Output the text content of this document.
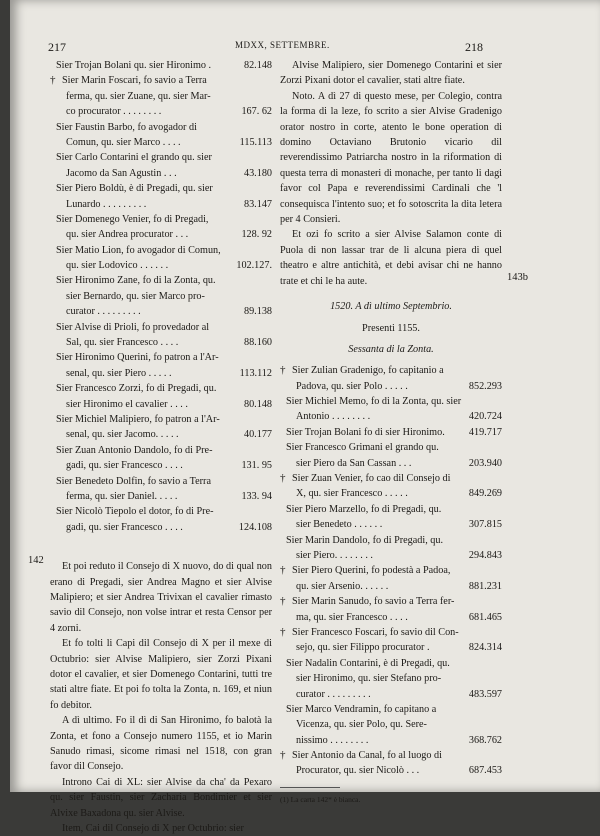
217	MDXX, SETTEMBRE.	218
142
143b
Sier Trojan Bolani qu. sier Hironimo .	82.148
† Sier Marin Foscari, fo savio a Terra
ferma, qu. sier Zuane, qu. sier Mar-
co procurator . . . . . . . .	167. 62
Sier Faustin Barbo, fo avogador di
Comun, qu. sier Marco . . . .	115.113
Sier Carlo Contarini el grando qu. sier
Jacomo da San Agustin . . .	43.180
Sier Piero Boldù, è di Pregadi, qu. sier
Lunardo . . . . . . . . .	83.147
Sier Domenego Venier, fo di Pregadi,
qu. sier Andrea procurator . . .	128. 92
Sier Matio Lion, fo avogador di Comun,
qu. sier Lodovico . . . . . .	102.127.
Sier Hironimo Zane, fo di la Zonta, qu.
sier Bernardo, qu. sier Marco pro-
curator . . . . . . . . .	89.138
Sier Alvise di Prioli, fo provedador al
Sal, qu. sier Francesco . . . .	88.160
Sier Hironimo Querini, fo patron a l'Ar-
senal, qu. sier Piero . . . . .	113.112
Sier Francesco Zorzi, fo di Pregadi, qu.
sier Hironimo el cavalier . . . .	80.148
Sier Michiel Malipiero, fo patron a l'Ar-
senal, qu. sier Jacomo. . . . .	40.177
Sier Zuan Antonio Dandolo, fo di Pre-
gadi, qu. sier Francesco . . . .	131. 95
Sier Benedeto Dolfin, fo savio a Terra
ferma, qu. sier Daniel. . . . .	133. 94
Sier Nicolò Tiepolo el dotor, fo di Pre-
gadi, qu. sier Francesco . . . .	124.108

Et poi reduto il Consejo di X nuovo, do di qual non erano di Pregadi, sier Andrea Magno et sier Alvise Malipiero; et sier Andrea Trivixan el cavalier rimasto savio dil Consejo, non volse intrar et resta Censor per 4 zorni.

Et fo tolti li Capi dil Consejo di X per il mexe di Octubrio: sier Alvise Malipiero, sier Zorzi Pixani dotor el cavalier, et sier Domenego Contarini, tutti tre stati altre fiate. Et poi fo tolta la Zonta, n. 169, et niun fo debitor.

A dì ultimo. Fo il dì di San Hironimo, fo balotà la Zonta, et fono a Consejo numero 1155, et io Marin Sanudo rimasi, sicome rimasi nel 1518, con gran favor dil Consejo.

Introno Cai di XL: sier Alvise da cha' da Pexaro qu. sier Faustin, sier Zacharia Bondimier et sier Alvixe Baxadona qu. sier Alvise.

Item, Cai dil Consejo di X per Octubrio: sier

Alvise Malipiero, sier Domenego Contarini et sier Zorzi Pixani dotor el cavalier, stati altre fiate.

Noto. A dì 27 di questo mese, per Colegio, contra la forma di la leze, fo scrito a sier Alvise Gradenigo orator nostro in corte, atento le bone operation di domino Octaviano Brutonio vicario dil reverendissimo Patriarcha nostro in la riformation di questa terra di monasteri di monache, per tanto li dagi favor col Papa e reverendissimi Cardinali che 'l consequisca l'intento suo; et fo sotoscrita la dita letera per 4 Consieri.

Et ozi fo scrito a sier Alvise Salamon conte di Puola di non lassar trar de li alcuna piera di quel theatro e altre antichità, et debi avisar chi ne hanno trate et chi le ha aute.

1520. A dì ultimo Septembrio.
Presenti 1155.
Sessanta di la Zonta.
† Sier Zulian Gradenigo, fo capitanio a
Padova, qu. sier Polo . . . . .	852.293
Sier Michiel Memo, fo di la Zonta, qu. sier
Antonio . . . . . . . .	420.724
Sier Trojan Bolani fo di sier Hironimo. 419.717
Sier Francesco Grimani el grando qu.
sier Piero da San Cassan . . .	203.940
† Sier Zuan Venier, fo cao dil Consejo di
X, qu. sier Francesco . . . . .	849.269
Sier Piero Marzello, fo di Pregadi, qu.
sier Benedeto . . . . . .	307.815
Sier Marin Dandolo, fo di Pregadi, qu.
sier Piero. . . . . . . .	294.843
† Sier Piero Querini, fo podestà a Padoa,
qu. sier Arsenio. . . . . .	881.231
† Sier Marin Sanudo, fo savio a Terra fer-
ma, qu. sier Francesco . . . .	681.465
† Sier Francesco Foscari, fo savio dil Con-
sejo, qu. sier Filippo procurator .	824.314
Sier Nadalin Contarini, è di Pregadi, qu.
sier Hironimo, qu. sier Stefano pro-
curator . . . . . . . . .	483.597
Sier Marco Vendramin, fo capitano a
Vicenza, qu. sier Polo, qu. Sere-
nissimo . . . . . . . .	368.762
† Sier Antonio da Canal, fo al luogo di
Procurator, qu. sier Nicolò . . .	687.453
(1) La carta 142* è bianca.
